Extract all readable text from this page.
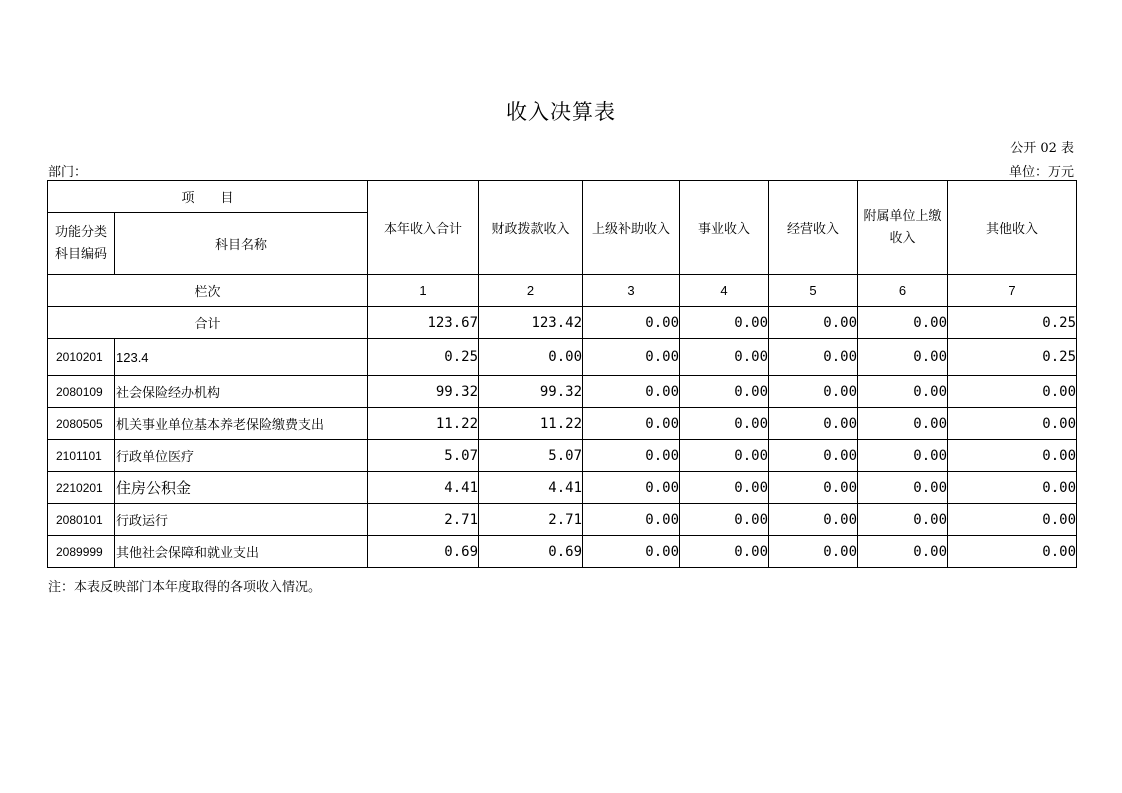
收入决算表
公开 02 表
部门：	单位：万元
项　　目		本年收入合计	财政拨款收入	上级补助收入	事业收入	经营收入	附属单位上缴收入	其他收入
功能分类科目编码	科目名称							
栏次		1	2	3	4	5	6	7
合计		123.67	123.42	0.00	0.00	0.00	0.00	0.25
2010201	123.4	0.25	0.00	0.00	0.00	0.00	0.00	0.25
2080109	社会保险经办机构	99.32	99.32	0.00	0.00	0.00	0.00	0.00
2080505	机关事业单位基本养老保险缴费支出	11.22	11.22	0.00	0.00	0.00	0.00	0.00
2101101	行政单位医疗	5.07	5.07	0.00	0.00	0.00	0.00	0.00
2210201	住房公积金	4.41	4.41	0.00	0.00	0.00	0.00	0.00
2080101	行政运行	2.71	2.71	0.00	0.00	0.00	0.00	0.00
2089999	其他社会保障和就业支出	0.69	0.69	0.00	0.00	0.00	0.00	0.00
注：本表反映部门本年度取得的各项收入情况。
